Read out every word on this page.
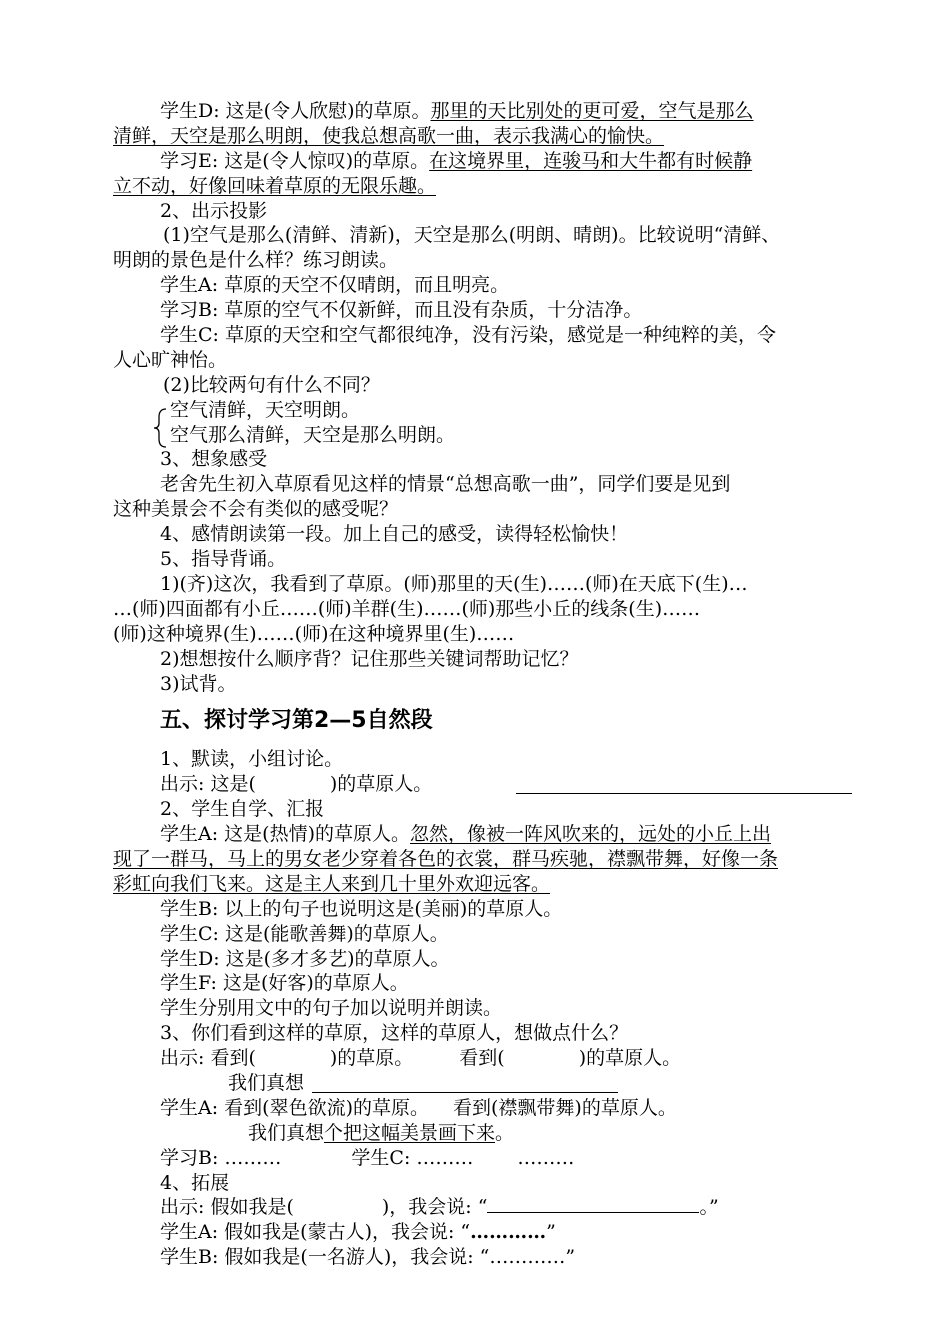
学生D: 这是(令人欣慰)的草原。那里的天比别处的更可爱，空气是那么
清鲜，天空是那么明朗，使我总想高歌一曲，表示我满心的愉快。
学习E: 这是(令人惊叹)的草原。在这境界里，连骏马和大牛都有时候静
立不动，好像回味着草原的无限乐趣。
2、出示投影
(1)空气是那么(清鲜、清新)，天空是那么(明朗、晴朗)。比较说明“清鲜、
明朗的景色是什么样？练习朗读。
学生A: 草原的天空不仅晴朗，而且明亮。
学习B: 草原的空气不仅新鲜，而且没有杂质，十分洁净。
学生C: 草原的天空和空气都很纯净，没有污染，感觉是一种纯粹的美，令
人心旷神怡。
(2)比较两句有什么不同？
空气清鲜，天空明朗。
空气那么清鲜，天空是那么明朗。
3、想象感受
老舍先生初入草原看见这样的情景“总想高歌一曲”，同学们要是见到
这种美景会不会有类似的感受呢？
4、感情朗读第一段。加上自己的感受，读得轻松愉快！
5、指导背诵。
1)(齐)这次，我看到了草原。(师)那里的天(生)……(师)在天底下(生)…
…(师)四面都有小丘……(师)羊群(生)……(师)那些小丘的线条(生)……
(师)这种境界(生)……(师)在这种境界里(生)……
2)想想按什么顺序背？记住那些关键词帮助记忆？
3)试背。
五、探讨学习第2—5自然段
1、默读，小组讨论。
出示: 这是(	)的草原人。
2、学生自学、汇报
学生A: 这是(热情)的草原人。忽然，像被一阵风吹来的，远处的小丘上出
现了一群马，马上的男女老少穿着各色的衣裳，群马疾驰，襟飘带舞，好像一条
彩虹向我们飞来。这是主人来到几十里外欢迎远客。
学生B: 以上的句子也说明这是(美丽)的草原人。
学生C: 这是(能歌善舞)的草原人。
学生D: 这是(多才多艺)的草原人。
学生F: 这是(好客)的草原人。
学生分别用文中的句子加以说明并朗读。
3、你们看到这样的草原，这样的草原人，想做点什么？
出示: 看到(	)的草原。 看到(	)的草原人。
我们真想
学生A: 看到(翠色欲流)的草原。 看到(襟飘带舞)的草原人。
我们真想个把这幅美景画下来。
学习B: ………	学生C: ……… ………
4、拓展
出示: 假如我是(	)，我会说: “	。”
学生A: 假如我是(蒙古人)，我会说: “…………”
学生B: 假如我是(一名游人)，我会说: “…………”
